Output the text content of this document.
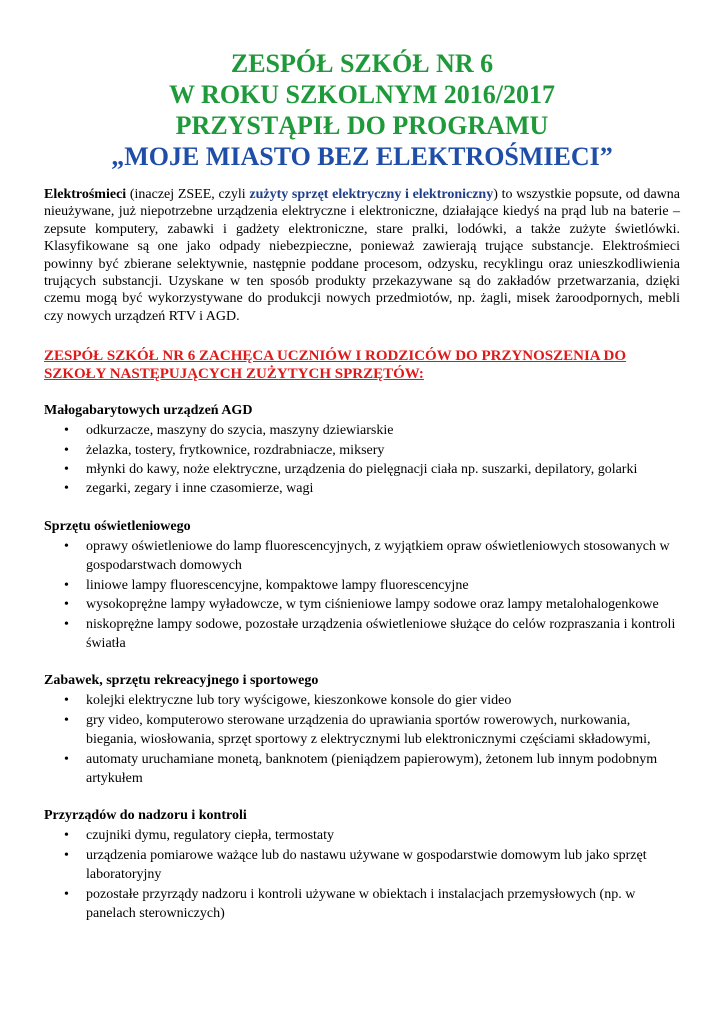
ZESPÓŁ SZKÓŁ NR 6
W ROKU SZKOLNYM 2016/2017
PRZYSTĄPIŁ DO PROGRAMU
„MOJE MIASTO BEZ ELEKTROŚMIECI”

Elektrośmieci (inaczej ZSEE, czyli zużyty sprzęt elektryczny i elektroniczny) to wszystkie popsute, od dawna nieużywane, już niepotrzebne urządzenia elektryczne i elektroniczne, działające kiedyś na prąd lub na baterie – zepsute komputery, zabawki i gadżety elektroniczne, stare pralki, lodówki, a także zużyte świetlówki. Klasyfikowane są one jako odpady niebezpieczne, ponieważ zawierają trujące substancje. Elektrośmieci powinny być zbierane selektywnie, następnie poddane procesom, odzysku, recyklingu oraz unieszkodliwienia trujących substancji. Uzyskane w ten sposób produkty przekazywane są do zakładów przetwarzania, dzięki czemu mogą być wykorzystywane do produkcji nowych przedmiotów, np. żagli, misek żaroodpornych, mebli czy nowych urządzeń RTV i AGD.

ZESPÓŁ SZKÓŁ NR 6 ZACHĘCA UCZNIÓW I RODZICÓW DO PRZYNOSZENIA DO SZKOŁY NASTĘPUJĄCYCH ZUŻYTYCH SPRZĘTÓW:
Małogabarytowych urządzeń AGD
• odkurzacze, maszyny do szycia, maszyny dziewiarskie
• żelazka, tostery, frytkownice, rozdrabniacze, miksery
• młynki do kawy, noże elektryczne, urządzenia do pielęgnacji ciała np. suszarki, depilatory, golarki
• zegarki, zegary i inne czasomierze, wagi
Sprzętu oświetleniowego
• oprawy oświetleniowe do lamp fluorescencyjnych, z wyjątkiem opraw oświetleniowych stosowanych w gospodarstwach domowych
• liniowe lampy fluorescencyjne, kompaktowe lampy fluorescencyjne
• wysokoprężne lampy wyładowcze, w tym ciśnieniowe lampy sodowe oraz lampy metalohalogenkowe
• niskoprężne lampy sodowe, pozostałe urządzenia oświetleniowe służące do celów rozpraszania i kontroli światła
Zabawek, sprzętu rekreacyjnego i sportowego
• kolejki elektryczne lub tory wyścigowe, kieszonkowe konsole do gier video
• gry video, komputerowo sterowane urządzenia do uprawiania sportów rowerowych, nurkowania, biegania, wiosłowania, sprzęt sportowy z elektrycznymi lub elektronicznymi częściami składowymi,
• automaty uruchamiane monetą, banknotem (pieniądzem papierowym), żetonem lub innym podobnym artykułem
Przyrządów do nadzoru i kontroli
• czujniki dymu, regulatory ciepła, termostaty
• urządzenia pomiarowe ważące lub do nastawu używane w gospodarstwie domowym lub jako sprzęt laboratoryjny
• pozostałe przyrządy nadzoru i kontroli używane w obiektach i instalacjach przemysłowych (np. w panelach sterowniczych)
